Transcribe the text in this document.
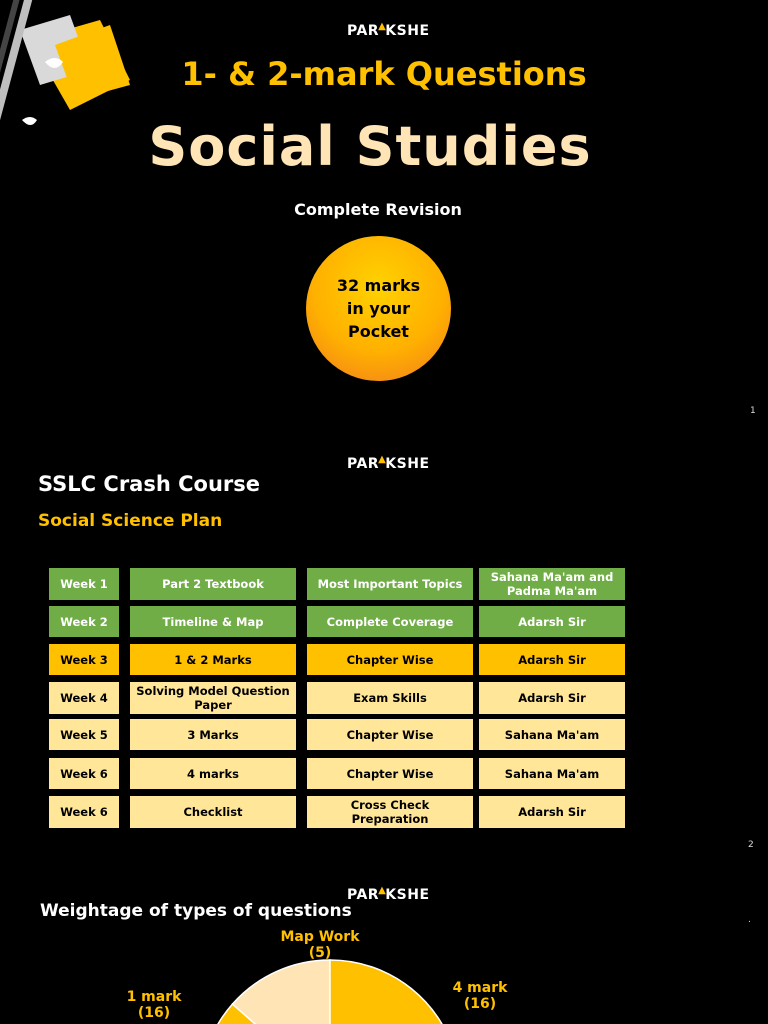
PAR▲KSHE
1- & 2-mark Questions
Social Studies
Complete Revision
32 marks
in your
Pocket
1
PAR▲KSHE
SSLC Crash Course
Social Science Plan
Week 1	Part 2 Textbook	Most Important Topics	Sahana Ma'am and Padma Ma'am
Week 2	Timeline & Map	Complete Coverage	Adarsh Sir
Week 3	1 & 2 Marks	Chapter Wise	Adarsh Sir
Week 4	Solving Model Question Paper	Exam Skills	Adarsh Sir
Week 5	3 Marks	Chapter Wise	Sahana Ma'am
Week 6	4 marks	Chapter Wise	Sahana Ma'am
Week 6	Checklist	Cross Check Preparation	Adarsh Sir
2
PAR▲KSHE
Weightage of types of questions	.
Map Work
(5)
4 mark
(16)
1 mark
(16)
